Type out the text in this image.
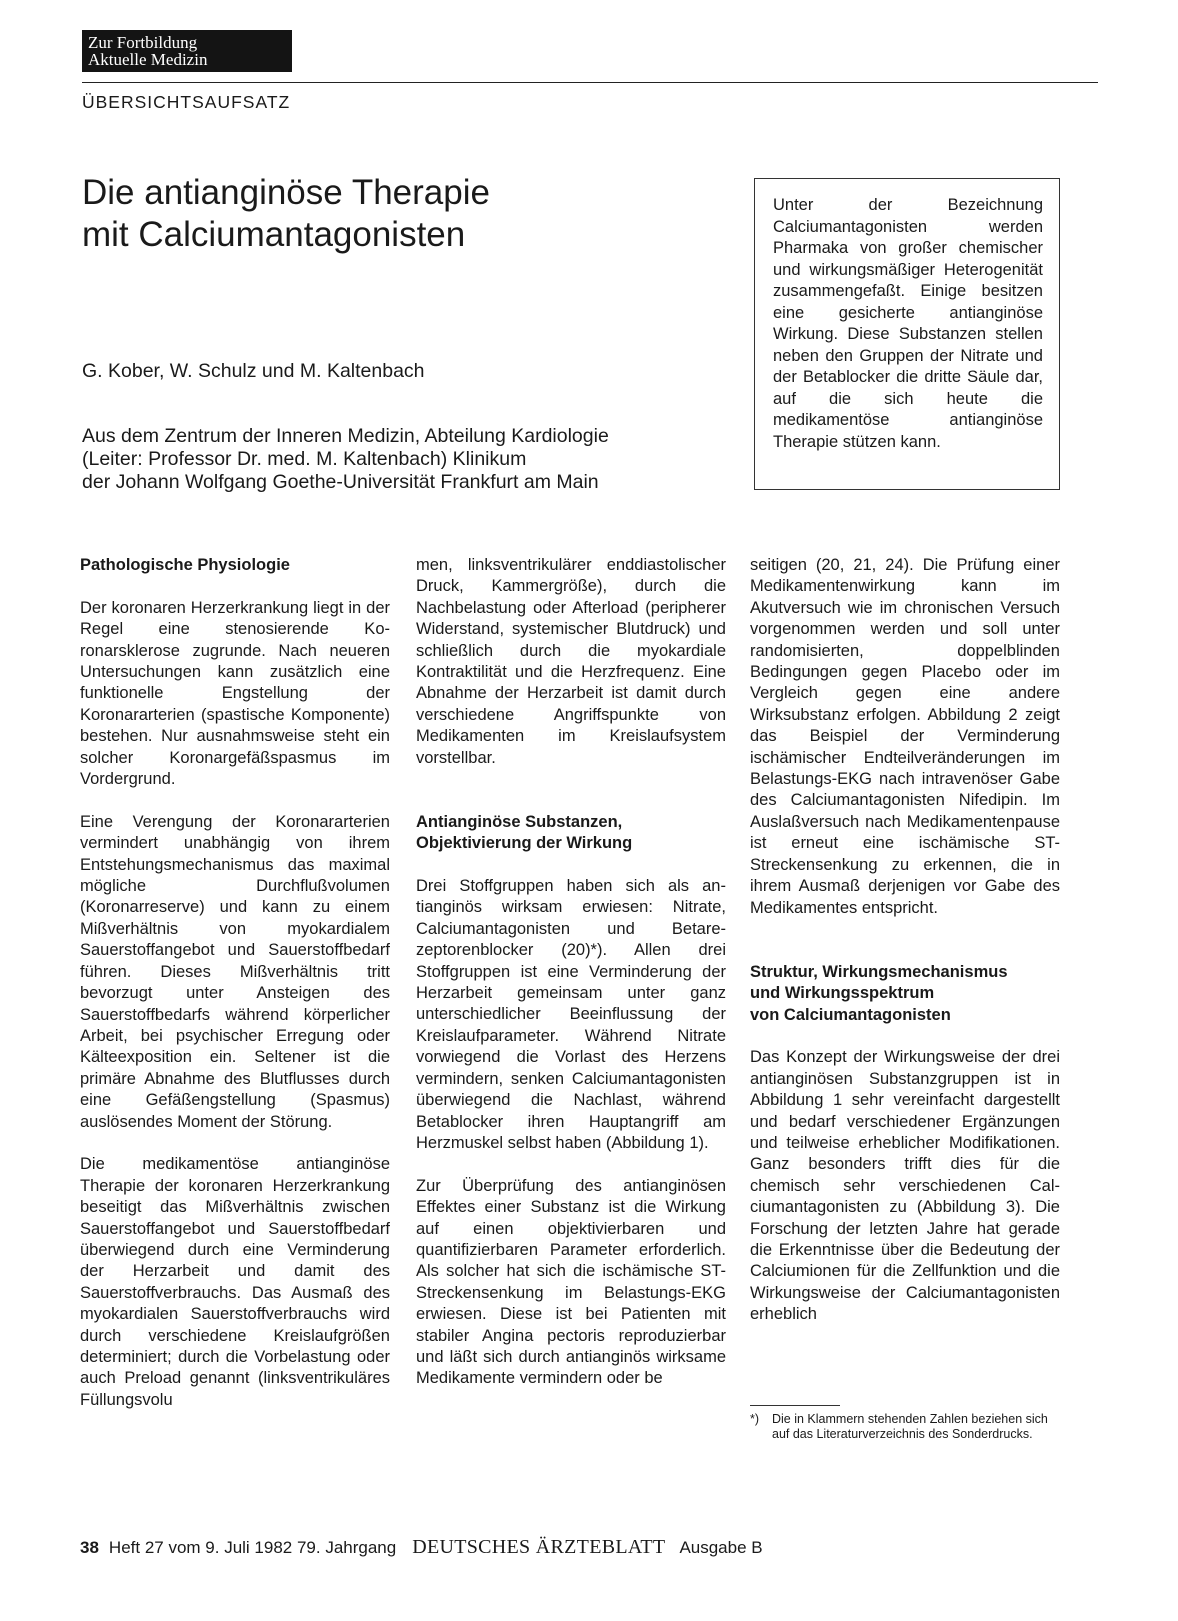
Zur Fortbildung
Aktuelle Medizin
ÜBERSICHTSAUFSATZ
Die antianginöse Therapie
mit Calciumantagonisten
G. Kober, W. Schulz und M. Kaltenbach
Aus dem Zentrum der Inneren Medizin, Abteilung Kardiologie
(Leiter: Professor Dr. med. M. Kaltenbach) Klinikum
der Johann Wolfgang Goethe-Universität Frankfurt am Main

Unter der Bezeichnung Calciumantagonisten werden Pharmaka von großer chemischer und wirkungsmäßiger Heterogenität zusammengefaßt. Einige besitzen eine gesicherte antianginöse Wirkung. Diese Substanzen stellen neben den Gruppen der Nitrate und der Betablocker die dritte Säule dar, auf die sich heute die medikamentöse antianginöse Therapie stützen kann.

Pathologische Physiologie

Der koronaren Herzerkrankung liegt in der Regel eine stenosierende Koronarsklerose zugrunde. Nach neueren Untersuchungen kann zusätzlich eine funktionelle Engstellung der Koronararterien (spastische Komponente) bestehen. Nur ausnahmsweise steht ein solcher Koronargefäßspasmus im Vordergrund.

Eine Verengung der Koronararterien vermindert unabhängig von ihrem Entstehungsmechanismus das maximal mögliche Durchflußvolumen (Koronarreserve) und kann zu einem Mißverhältnis von myokardialem Sauerstoffangebot und Sauerstoffbedarf führen. Dieses Mißverhältnis tritt bevorzugt unter Ansteigen des Sauerstoffbedarfs während körperlicher Arbeit, bei psychischer Erregung oder Kälteexposition ein. Seltener ist die primäre Abnahme des Blutflusses durch eine Gefäßengstellung (Spasmus) auslösendes Moment der Störung.

Die medikamentöse antianginöse Therapie der koronaren Herzerkrankung beseitigt das Mißverhältnis zwischen Sauerstoffangebot und Sauerstoffbedarf überwiegend durch eine Verminderung der Herzarbeit und damit des Sauerstoffverbrauchs. Das Ausmaß des myokardialen Sauerstoffverbrauchs wird durch verschiedene Kreislaufgrößen determiniert; durch die Vorbelastung oder auch Preload genannt (linksventrikuläres Füllungsvolu

men, linksventrikulärer enddiastolischer Druck, Kammergröße), durch die Nachbelastung oder Afterload (peripherer Widerstand, systemischer Blutdruck) und schließlich durch die myokardiale Kontraktilität und die Herzfrequenz. Eine Abnahme der Herzarbeit ist damit durch verschiedene Angriffspunkte von Medikamenten im Kreislaufsystem vorstellbar.

Antianginöse Substanzen,
Objektivierung der Wirkung

Drei Stoffgruppen haben sich als antianginös wirksam erwiesen: Nitrate, Calciumantagonisten und Betarezeptorenblocker (20)*). Allen drei Stoffgruppen ist eine Verminderung der Herzarbeit gemeinsam unter ganz unterschiedlicher Beeinflussung der Kreislaufparameter. Während Nitrate vorwiegend die Vorlast des Herzens vermindern, senken Calciumantagonisten überwiegend die Nachlast, während Betablocker ihren Hauptangriff am Herzmuskel selbst haben (Abbildung 1).

Zur Überprüfung des antianginösen Effektes einer Substanz ist die Wirkung auf einen objektivierbaren und quantifizierbaren Parameter erforderlich. Als solcher hat sich die ischämische ST-Streckensenkung im Belastungs-EKG erwiesen. Diese ist bei Patienten mit stabiler Angina pectoris reproduzierbar und läßt sich durch antianginös wirksame Medikamente vermindern oder be

seitigen (20, 21, 24). Die Prüfung einer Medikamentenwirkung kann im Akutversuch wie im chronischen Versuch vorgenommen werden und soll unter randomisierten, doppelblinden Bedingungen gegen Placebo oder im Vergleich gegen eine andere Wirksubstanz erfolgen. Abbildung 2 zeigt das Beispiel der Verminderung ischämischer Endteilveränderungen im Belastungs-EKG nach intravenöser Gabe des Calciumantagonisten Nifedipin. Im Auslaßversuch nach Medikamentenpause ist erneut eine ischämische ST-Streckensenkung zu erkennen, die in ihrem Ausmaß derjenigen vor Gabe des Medikamentes entspricht.

Struktur, Wirkungsmechanismus
und Wirkungsspektrum
von Calciumantagonisten

Das Konzept der Wirkungsweise der drei antianginösen Substanzgruppen ist in Abbildung 1 sehr vereinfacht dargestellt und bedarf verschiedener Ergänzungen und teilweise erheblicher Modifikationen. Ganz besonders trifft dies für die chemisch sehr verschiedenen Calciumantagonisten zu (Abbildung 3). Die Forschung der letzten Jahre hat gerade die Erkenntnisse über die Bedeutung der Calciumionen für die Zellfunktion und die Wirkungsweise der Calciumantagonisten erheblich

*)	Die in Klammern stehenden Zahlen beziehen sich auf das Literaturverzeichnis des Sonderdrucks.
38 Heft 27 vom 9. Juli 1982 79. Jahrgang DEUTSCHES ÄRZTEBLATT Ausgabe B
